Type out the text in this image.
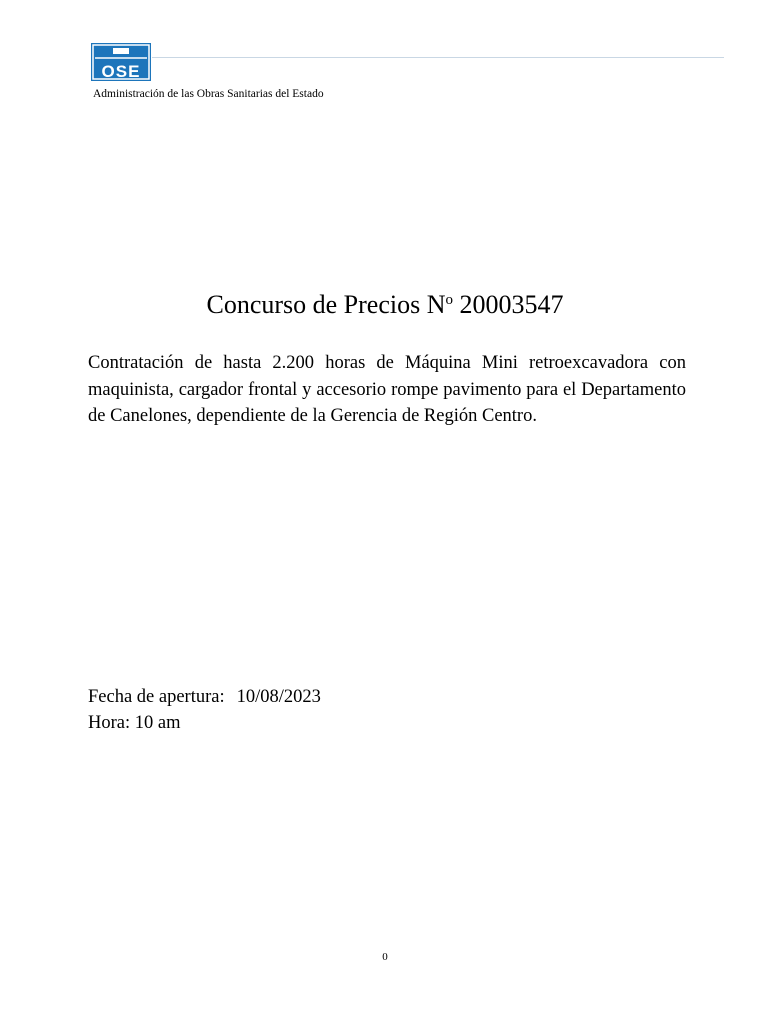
OSE
Administración de las Obras Sanitarias del Estado
Concurso de Precios $N^o$ 20003547
Contratación de hasta 2.200 horas de Máquina Mini retroexcavadora con maquinista, cargador frontal y accesorio rompe pavimento para el Departamento de Canelones, dependiente de la Gerencia de Región Centro.
Fecha de apertura: 10/08/2023
Hora: 10 am
0
